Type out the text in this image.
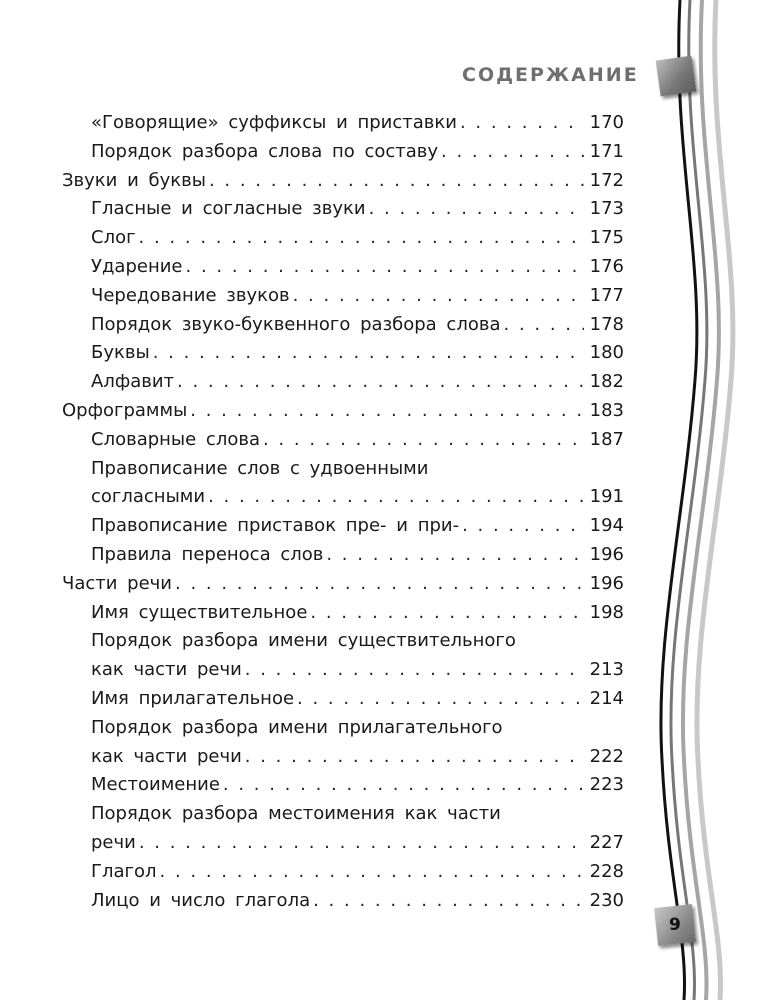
СОДЕРЖАНИЕ
«Говорящие» суффиксы и приставки . . .	170
Порядок разбора слова по составу . . .	171
Звуки и буквы . . .	172
Гласные и согласные звуки . . .	173
Слог . . .	175
Ударение . . .	176
Чередование звуков . . .	177
Порядок звуко-буквенного разбора слова . . .	178
Буквы . . .	180
Алфавит . . .	182
Орфограммы . . .	183
Словарные слова . . .	187
Правописание слов с удвоенными
согласными . . .	191
Правописание приставок пре- и при- . . .	194
Правила переноса слов . . .	196
Части речи . . .	196
Имя существительное . . .	198
Порядок разбора имени существительного
как части речи . . .	213
Имя прилагательное . . .	214
Порядок разбора имени прилагательного
как части речи . . .	222
Местоимение . . .	223
Порядок разбора местоимения как части
речи . . .	227
Глагол . . .	228
Лицо и число глагола . . .	230
9
